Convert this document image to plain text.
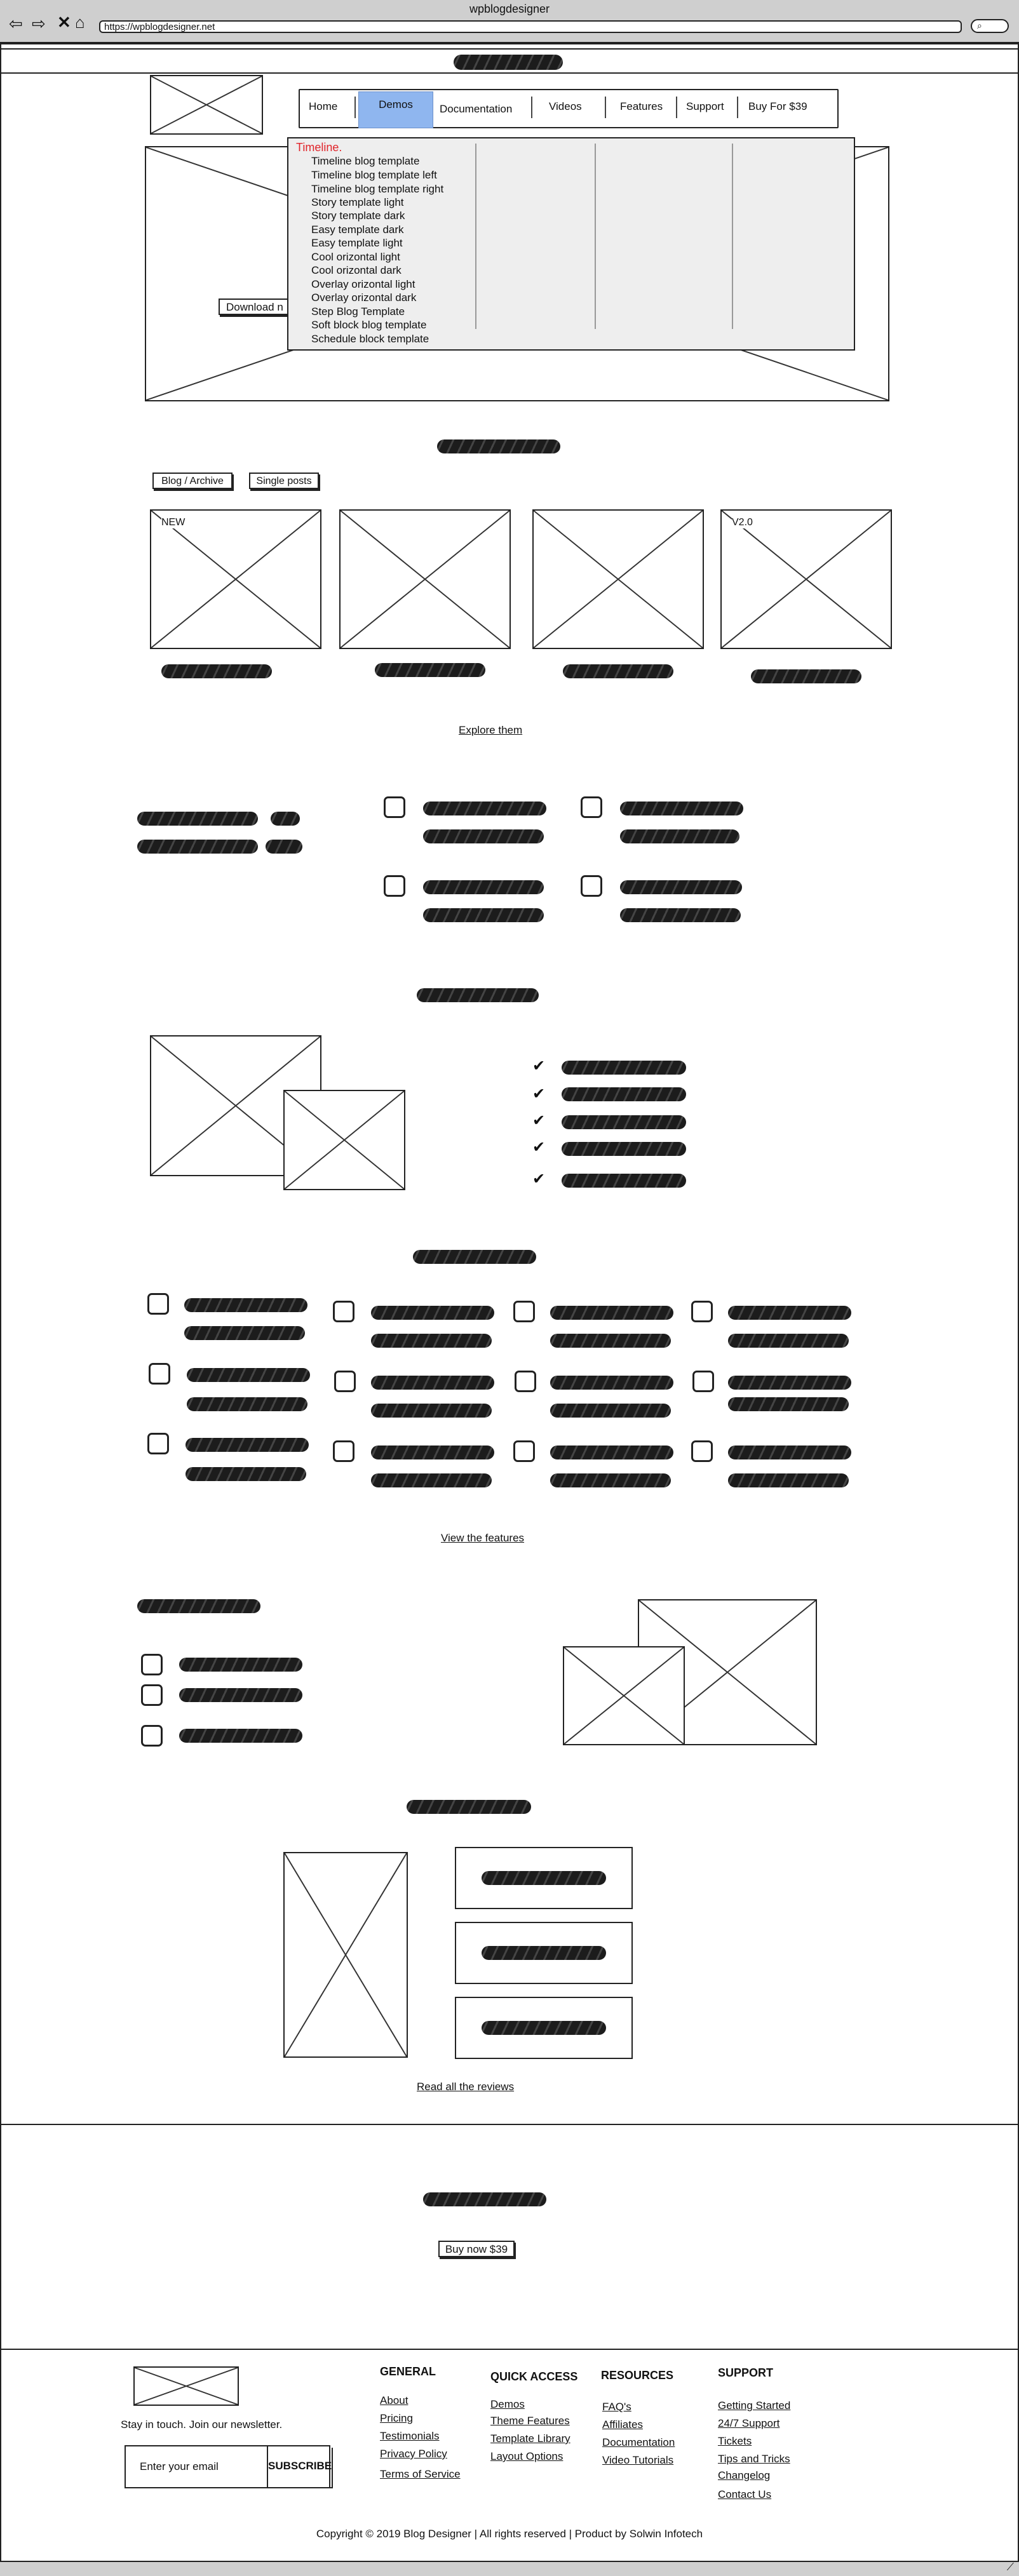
wpblogdesigner
⇦ ⇨ ✕ ⌂ https://wpblogdesigner.net	⌕
Home	Demos	Documentation	Videos	Features Support Buy For $39
Download n
Timeline.
Timeline blog template
Timeline blog template left
Timeline blog template right
Story template light
Story template dark
Easy template dark
Easy template light
Cool orizontal light
Cool orizontal dark
Overlay orizontal light
Overlay orizontal dark
Step Blog Template
Soft block blog template
Schedule block template
Blog / Archive	Single posts
NEW	V2.0
Explore them
✔
✔
✔
✔
✔
View the features
Read all the reviews
Buy now $39
Stay in touch. Join our newsletter.
Enter your email	SUBSCRIBE
GENERAL
About
Pricing
Testimonials
Privacy Policy
Terms of Service
QUICK ACCESS
Demos
Theme Features
Template Library
Layout Options
RESOURCES
FAQ's
Affiliates
Documentation
Video Tutorials
SUPPORT
Getting Started
24/7 Support
Tickets
Tips and Tricks
Changelog
Contact Us
Copyright © 2019 Blog Designer | All rights reserved | Product by Solwin Infotech
⟋
